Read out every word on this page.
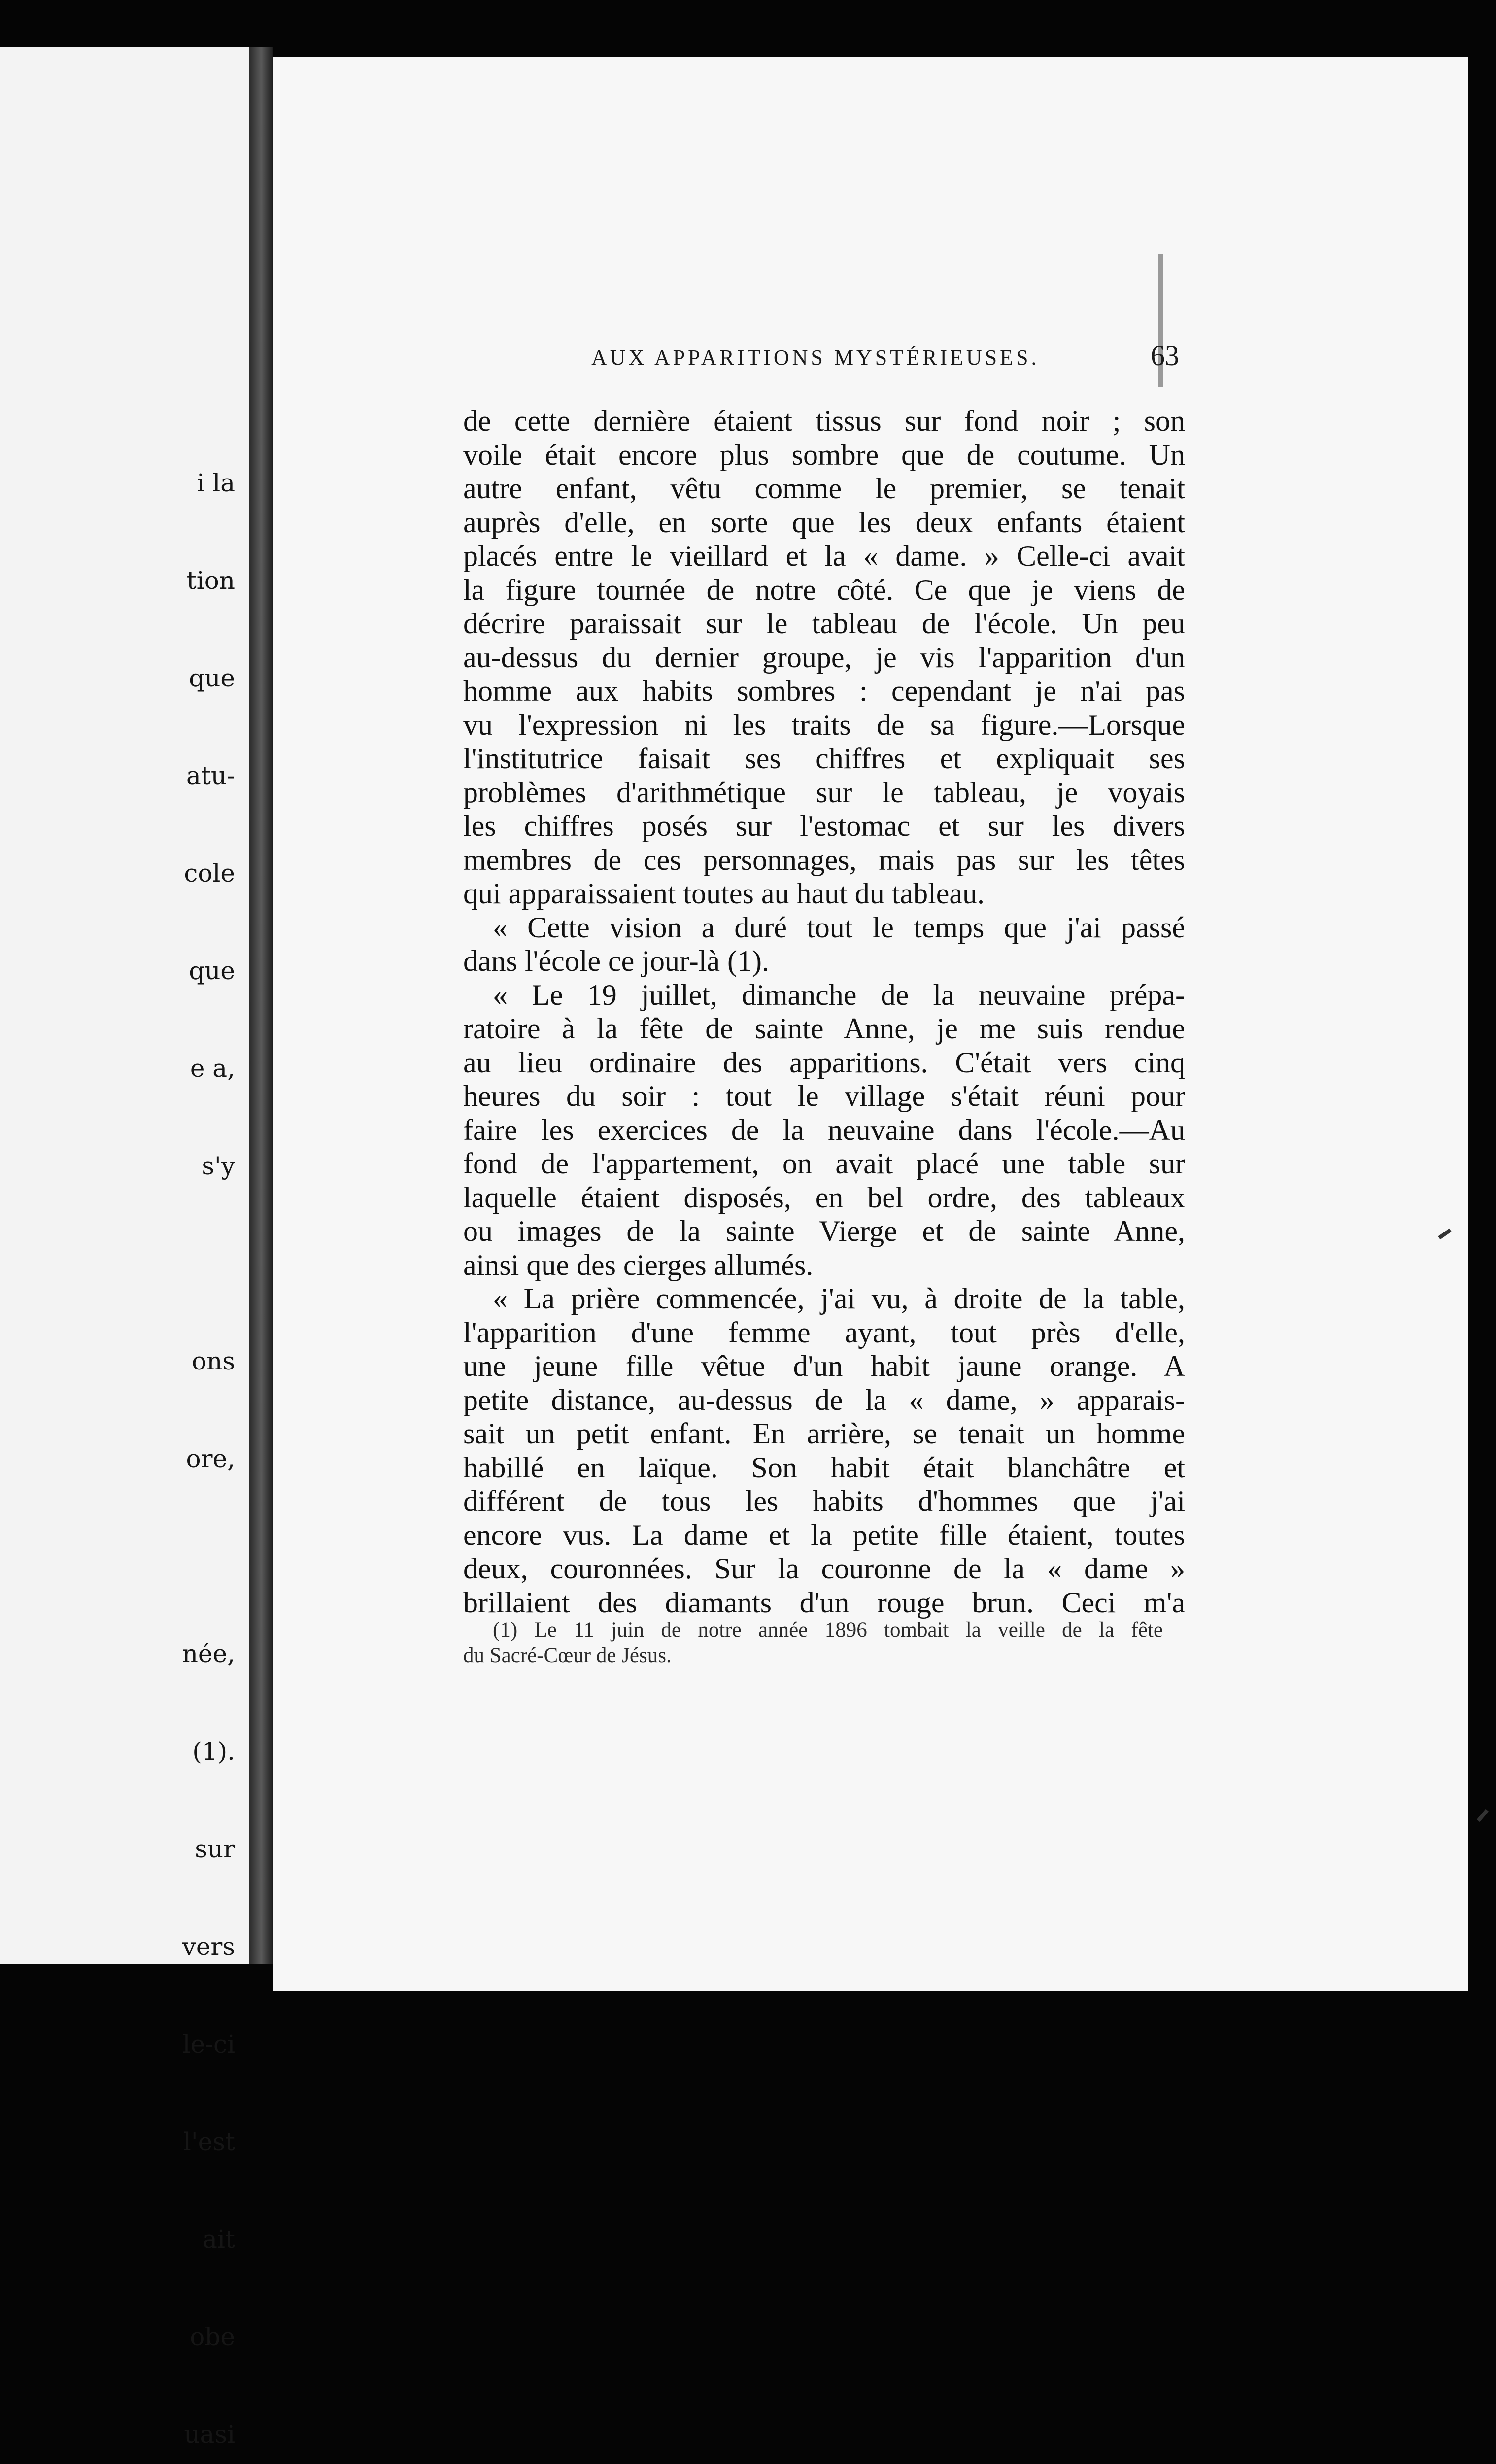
i la

tion

que

atu-

cole

que

e a,

s'y

ons

ore,

née,

(1).

sur

vers

le-ci

l'est

ait

obe

uasi

AUX APPARITIONS MYSTÉRIEUSES.	63
de cette dernière étaient tissus sur fond noir ; son
voile était encore plus sombre que de coutume. Un
autre enfant, vêtu comme le premier, se tenait
auprès d'elle, en sorte que les deux enfants étaient
placés entre le vieillard et la « dame. » Celle-ci avait
la figure tournée de notre côté. Ce que je viens de
décrire paraissait sur le tableau de l'école. Un peu
au-dessus du dernier groupe, je vis l'apparition d'un
homme aux habits sombres : cependant je n'ai pas
vu l'expression ni les traits de sa figure.—Lorsque
l'institutrice faisait ses chiffres et expliquait ses
problèmes d'arithmétique sur le tableau, je voyais
les chiffres posés sur l'estomac et sur les divers
membres de ces personnages, mais pas sur les têtes
qui apparaissaient toutes au haut du tableau.
« Cette vision a duré tout le temps que j'ai passé
dans l'école ce jour-là (1).
« Le 19 juillet, dimanche de la neuvaine prépa-
ratoire à la fête de sainte Anne, je me suis rendue
au lieu ordinaire des apparitions. C'était vers cinq
heures du soir : tout le village s'était réuni pour
faire les exercices de la neuvaine dans l'école.—Au
fond de l'appartement, on avait placé une table sur
laquelle étaient disposés, en bel ordre, des tableaux
ou images de la sainte Vierge et de sainte Anne,
ainsi que des cierges allumés.
« La prière commencée, j'ai vu, à droite de la table,
l'apparition d'une femme ayant, tout près d'elle,
une jeune fille vêtue d'un habit jaune orange. A
petite distance, au-dessus de la « dame, » apparais-
sait un petit enfant. En arrière, se tenait un homme
habillé en laïque. Son habit était blanchâtre et
différent de tous les habits d'hommes que j'ai
encore vus. La dame et la petite fille étaient, toutes
deux, couronnées. Sur la couronne de la « dame »
brillaient des diamants d'un rouge brun. Ceci m'a
(1) Le 11 juin de notre année 1896 tombait la veille de la fête
du Sacré-Cœur de Jésus.
